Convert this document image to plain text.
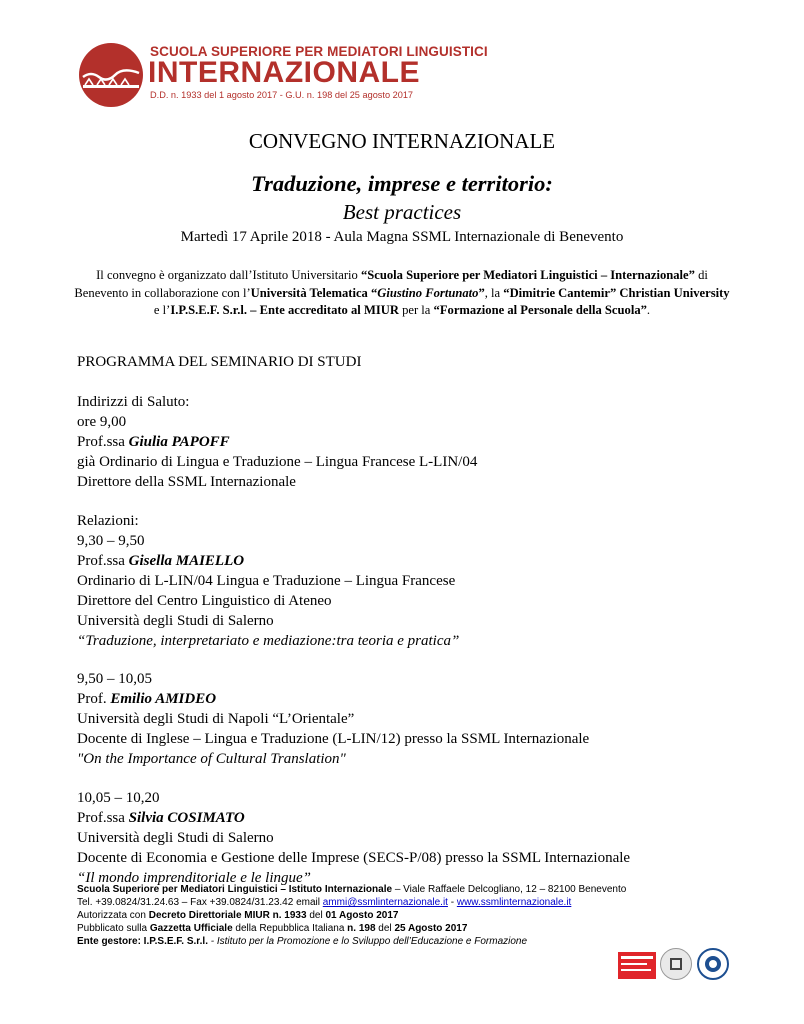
SCUOLA SUPERIORE PER MEDIATORI LINGUISTICI
INTERNAZIONALE
D.D. n. 1933 del 1 agosto 2017 - G.U. n. 198 del 25 agosto 2017
CONVEGNO INTERNAZIONALE
Traduzione, imprese e territorio:
Best practices
Martedì 17 Aprile 2018 - Aula Magna SSML Internazionale di Benevento
Il convegno è organizzato dall’Istituto Universitario “Scuola Superiore per Mediatori Linguistici – Internazionale” di Benevento in collaborazione con l’Università Telematica “Giustino Fortunato”, la “Dimitrie Cantemir” Christian University e l’I.P.S.E.F. S.r.l. – Ente accreditato al MIUR per la “Formazione al Personale della Scuola”.
PROGRAMMA DEL SEMINARIO DI STUDI
Indirizzi di Saluto:
ore 9,00
Prof.ssa Giulia PAPOFF
già Ordinario di Lingua e Traduzione – Lingua Francese L-LIN/04
Direttore della SSML Internazionale
Relazioni:
9,30 – 9,50
Prof.ssa Gisella MAIELLO
Ordinario di L-LIN/04 Lingua e Traduzione – Lingua Francese
Direttore del Centro Linguistico di Ateneo
Università degli Studi di Salerno
“Traduzione, interpretariato e mediazione:tra teoria e pratica”
9,50 – 10,05
Prof. Emilio AMIDEO
Università degli Studi di Napoli “L’Orientale”
Docente di Inglese – Lingua e Traduzione (L-LIN/12) presso la SSML Internazionale
"On the Importance of Cultural Translation"
10,05 – 10,20
Prof.ssa Silvia COSIMATO
Università degli Studi di Salerno
Docente di Economia e Gestione delle Imprese (SECS-P/08) presso la SSML Internazionale
“Il mondo imprenditoriale e le lingue”
Scuola Superiore per Mediatori Linguistici – Istituto Internazionale – Viale Raffaele Delcogliano, 12 – 82100 Benevento
Tel. +39.0824/31.24.63 – Fax +39.0824/31.23.42 email ammi@ssmlinternazionale.it - www.ssmlinternazionale.it
Autorizzata con Decreto Direttoriale MIUR n. 1933 del 01 Agosto 2017
Pubblicato sulla Gazzetta Ufficiale della Repubblica Italiana n. 198 del 25 Agosto 2017
Ente gestore: I.P.S.E.F. S.r.l. - Istituto per la Promozione e lo Sviluppo dell’Educazione e Formazione
